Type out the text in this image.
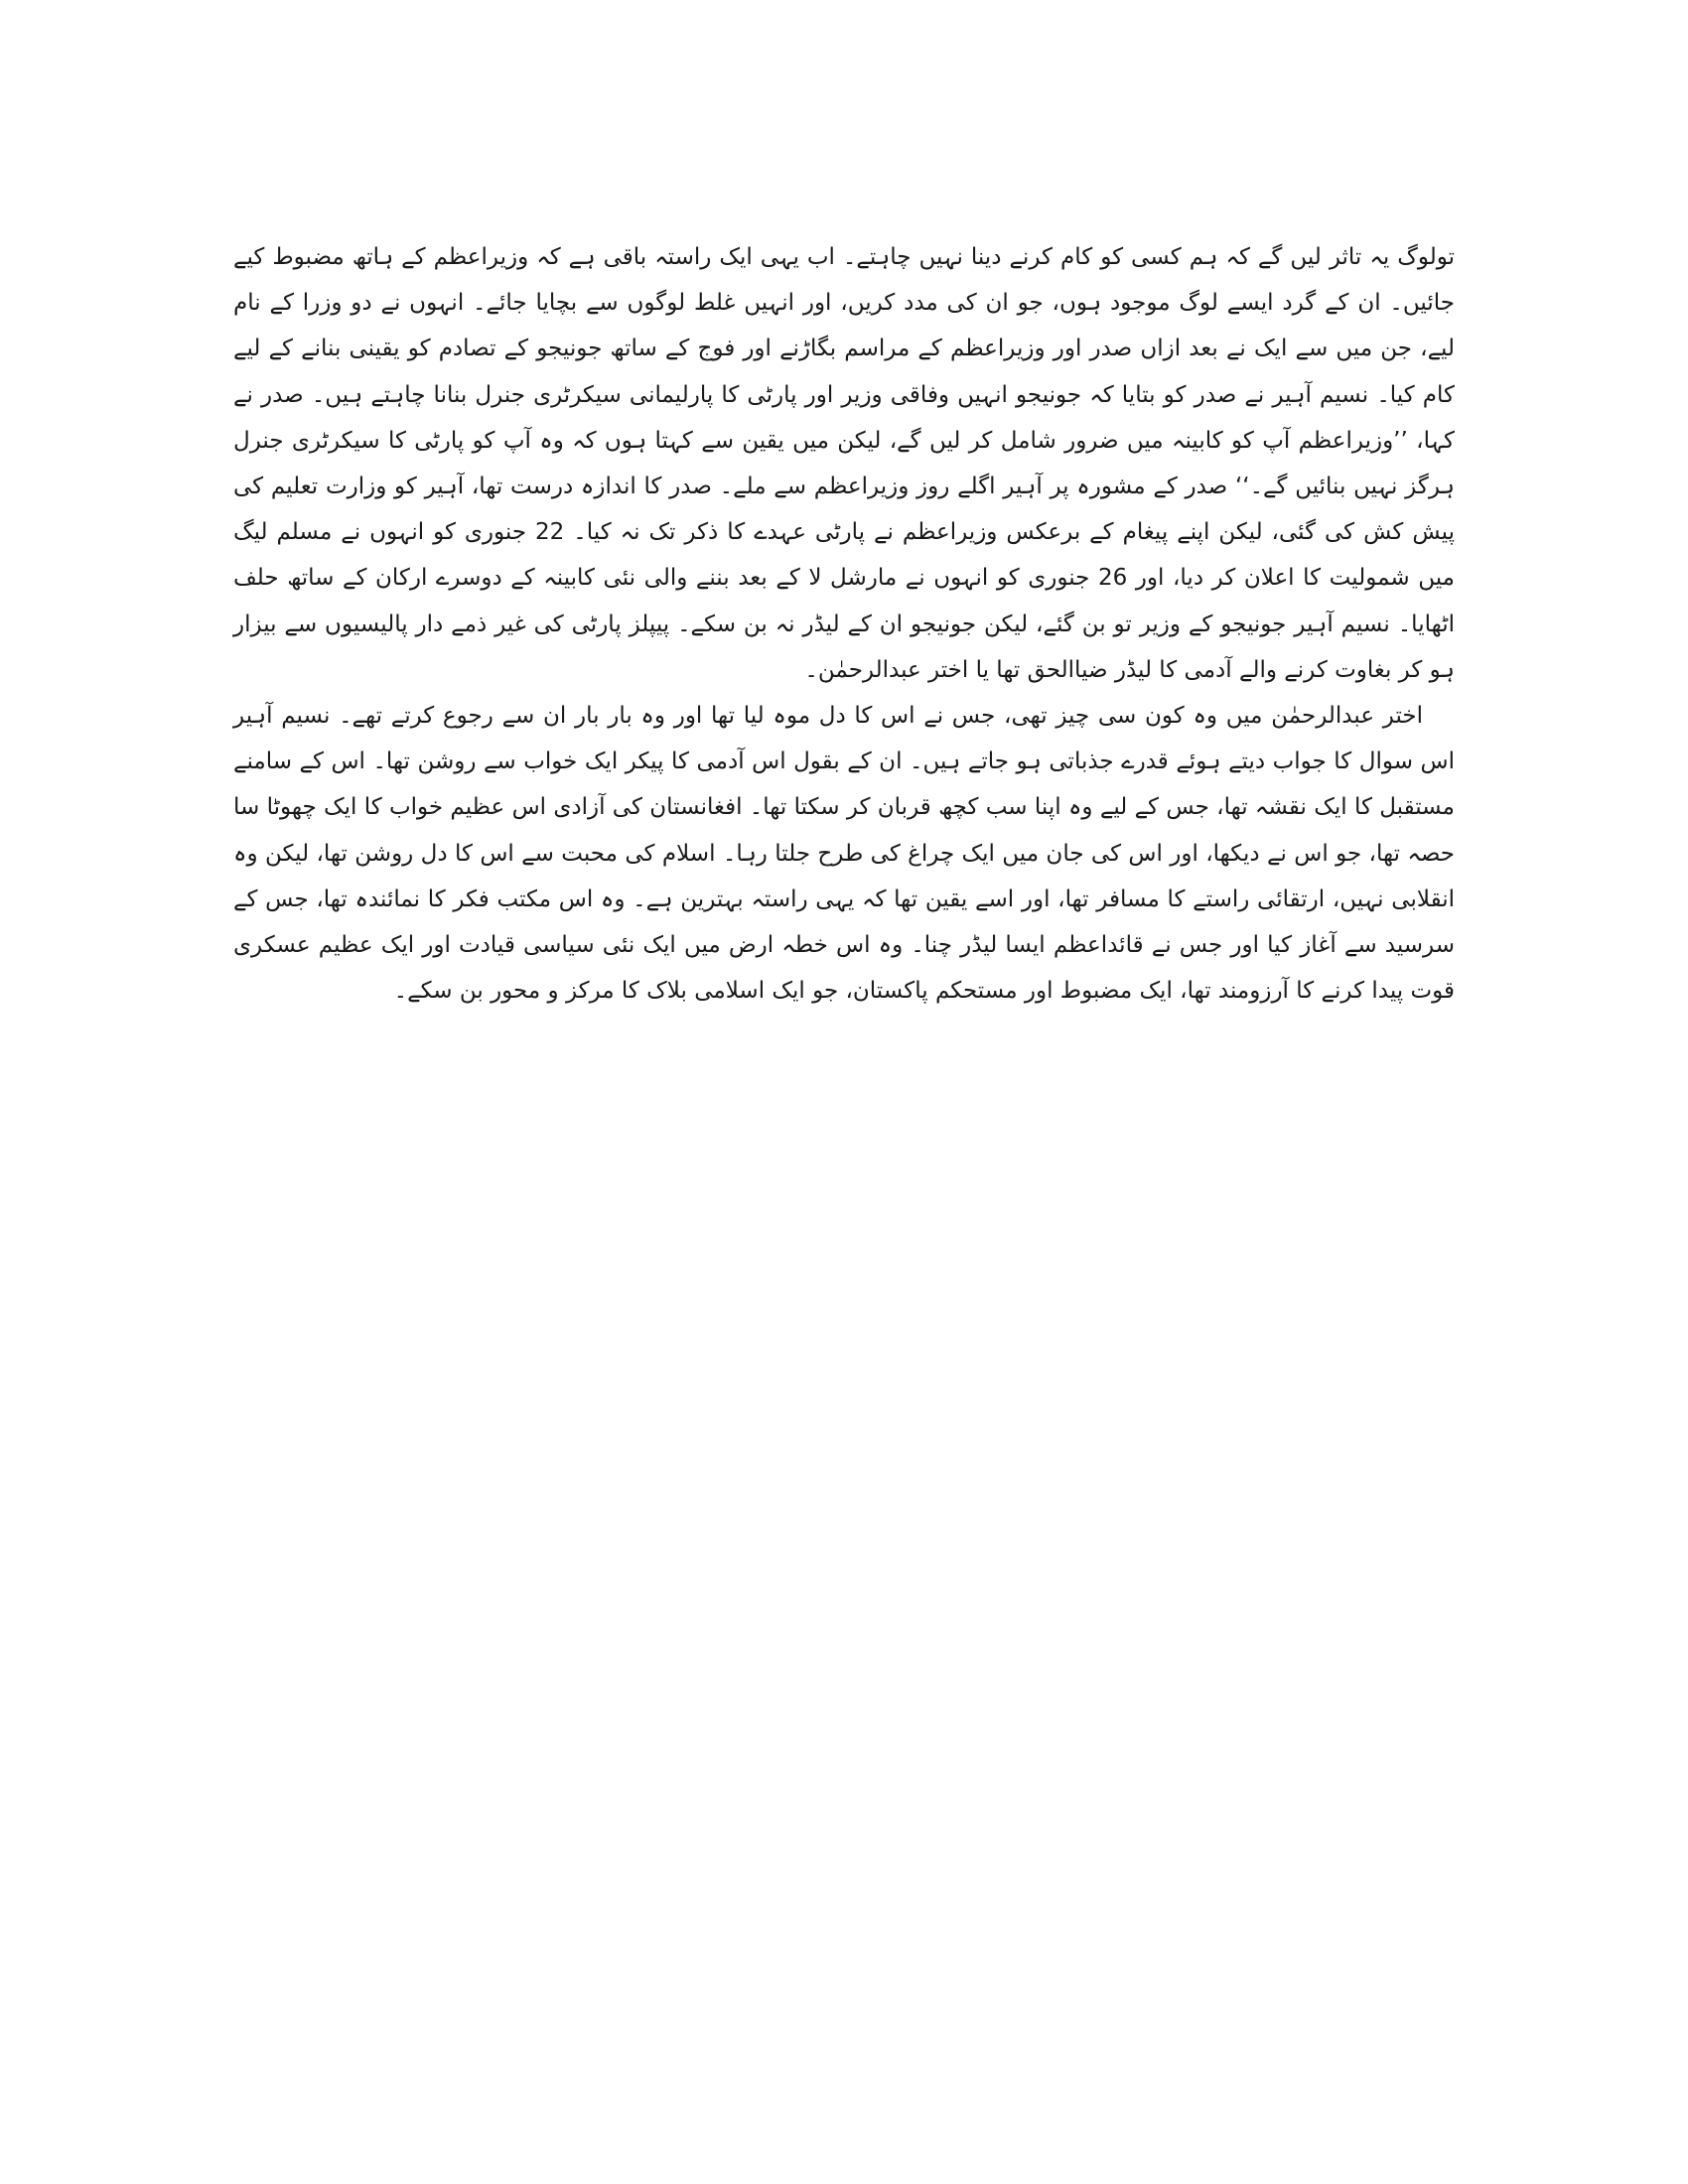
تولوگ یہ تاثر لیں گے کہ ہم کسی کو کام کرنے دینا نہیں چاہتے۔ اب یہی ایک راستہ باقی ہے کہ وزیراعظم کے ہاتھ مضبوط کیے جائیں۔ ان کے گرد ایسے لوگ موجود ہوں، جو ان کی مدد کریں، اور انہیں غلط لوگوں سے بچایا جائے۔ انہوں نے دو وزرا کے نام لیے، جن میں سے ایک نے بعد ازاں صدر اور وزیراعظم کے مراسم بگاڑنے اور فوج کے ساتھ جونیجو کے تصادم کو یقینی بنانے کے لیے کام کیا۔ نسیم آہیر نے صدر کو بتایا کہ جونیجو انہیں وفاقی وزیر اور پارٹی کا پارلیمانی سیکرٹری جنرل بنانا چاہتے ہیں۔ صدر نے کہا، ’’وزیراعظم آپ کو کابینہ میں ضرور شامل کر لیں گے، لیکن میں یقین سے کہتا ہوں کہ وہ آپ کو پارٹی کا سیکرٹری جنرل ہرگز نہیں بنائیں گے۔‘‘ صدر کے مشورہ پر آہیر اگلے روز وزیراعظم سے ملے۔ صدر کا اندازہ درست تھا، آہیر کو وزارت تعلیم کی پیش کش کی گئی، لیکن اپنے پیغام کے برعکس وزیراعظم نے پارٹی عہدے کا ذکر تک نہ کیا۔ 22 جنوری کو انہوں نے مسلم لیگ میں شمولیت کا اعلان کر دیا، اور 26 جنوری کو انہوں نے مارشل لا کے بعد بننے والی نئی کابینہ کے دوسرے ارکان کے ساتھ حلف اٹھایا۔ نسیم آہیر جونیجو کے وزیر تو بن گئے، لیکن جونیجو ان کے لیڈر نہ بن سکے۔ پیپلز پارٹی کی غیر ذمے دار پالیسیوں سے بیزار ہو کر بغاوت کرنے والے آدمی کا لیڈر ضیاالحق تھا یا اختر عبدالرحمٰن۔

اختر عبدالرحمٰن میں وہ کون سی چیز تھی، جس نے اس کا دل موہ لیا تھا اور وہ بار بار ان سے رجوع کرتے تھے۔ نسیم آہیر اس سوال کا جواب دیتے ہوئے قدرے جذباتی ہو جاتے ہیں۔ ان کے بقول اس آدمی کا پیکر ایک خواب سے روشن تھا۔ اس کے سامنے مستقبل کا ایک نقشہ تھا، جس کے لیے وہ اپنا سب کچھ قربان کر سکتا تھا۔ افغانستان کی آزادی اس عظیم خواب کا ایک چھوٹا سا حصہ تھا، جو اس نے دیکھا، اور اس کی جان میں ایک چراغ کی طرح جلتا رہا۔ اسلام کی محبت سے اس کا دل روشن تھا، لیکن وہ انقلابی نہیں، ارتقائی راستے کا مسافر تھا، اور اسے یقین تھا کہ یہی راستہ بہترین ہے۔ وہ اس مکتب فکر کا نمائندہ تھا، جس کے سرسید سے آغاز کیا اور جس نے قائداعظم ایسا لیڈر چنا۔ وہ اس خطہ ارض میں ایک نئی سیاسی قیادت اور ایک عظیم عسکری قوت پیدا کرنے کا آرزومند تھا، ایک مضبوط اور مستحکم پاکستان، جو ایک اسلامی بلاک کا مرکز و محور بن سکے۔
